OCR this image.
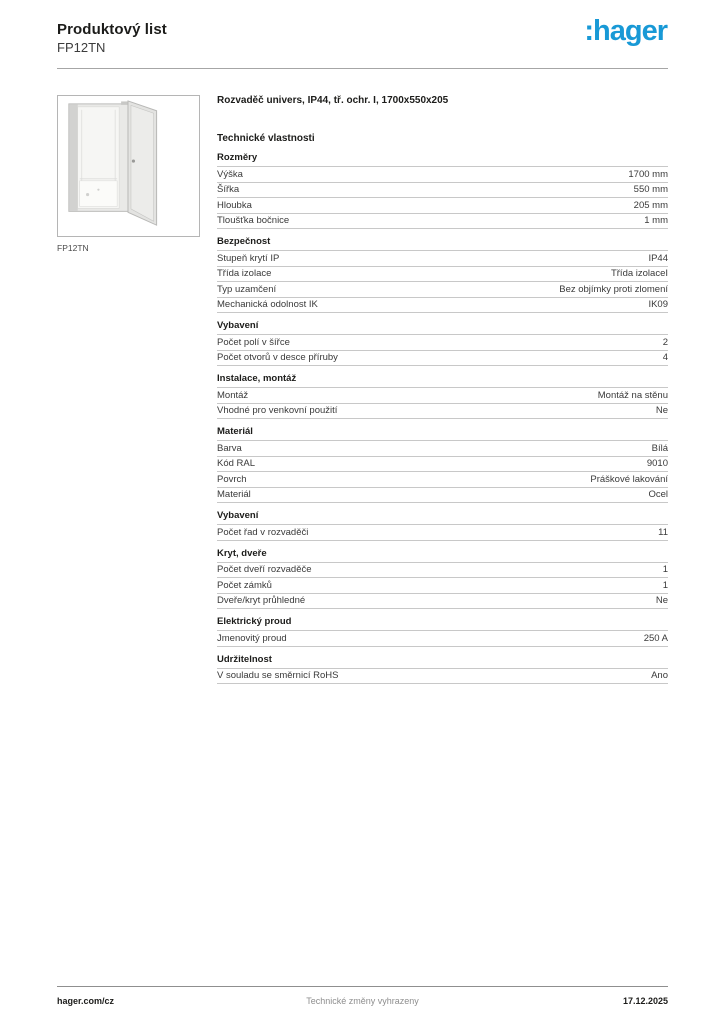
Produktový list
FP12TN
:hager
FP12TN
Rozvaděč univers, IP44, tř. ochr. I, 1700x550x205
Technické vlastnosti
Rozměry
Výška	1700 mm
Šířka	550 mm
Hloubka	205 mm
Tloušťka bočnice	1 mm
Bezpečnost
Stupeň krytí IP	IP44
Třída izolace	Třída izolaceI
Typ uzamčení	Bez objímky proti zlomení
Mechanická odolnost IK	IK09
Vybavení
Počet polí v šířce	2
Počet otvorů v desce příruby	4
Instalace, montáž
Montáž	Montáž na stěnu
Vhodné pro venkovní použití	Ne
Materiál
Barva	Bílá
Kód RAL	9010
Povrch	Práškové lakování
Materiál	Ocel
Vybavení
Počet řad v rozvaděči	11
Kryt, dveře
Počet dveří rozvaděče	1
Počet zámků	1
Dveře/kryt průhledné	Ne
Elektrický proud
Jmenovitý proud	250 A
Udržitelnost
V souladu se směrnicí RoHS	Ano
hager.com/cz	Technické změny vyhrazeny	17.12.2025
